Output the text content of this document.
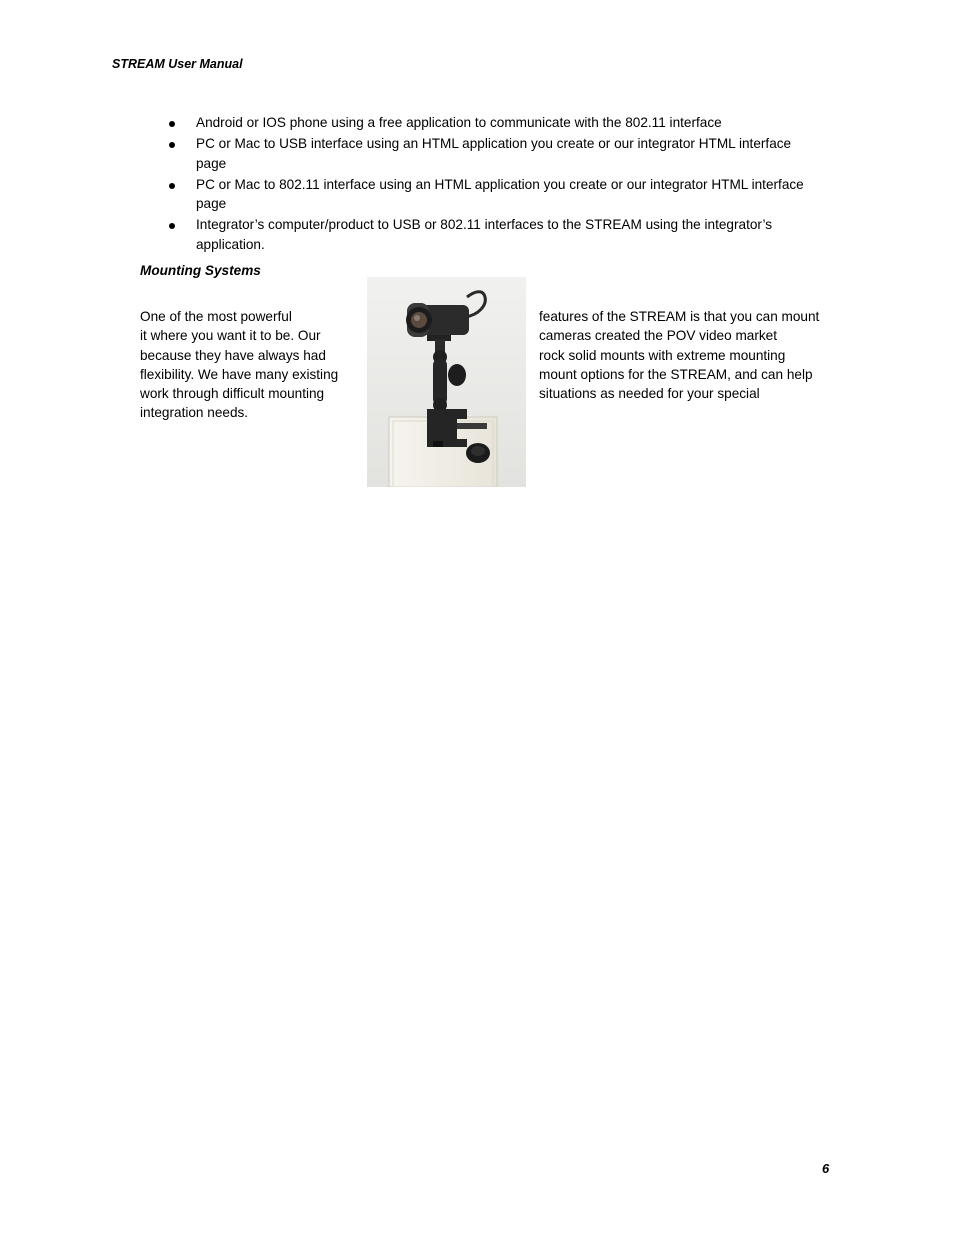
STREAM User Manual
Android or IOS phone using a free application to communicate with the 802.11 interface
PC or Mac to USB interface using an HTML application you create or our integrator HTML interface
page
PC or Mac to 802.11 interface using an HTML application you create or our integrator HTML interface
page
Integrator’s computer/product to USB or 802.11 interfaces to the STREAM using the integrator’s
application.
Mounting Systems
One of the most powerful
it where you want it to be. Our
because they have always had
flexibility. We have many existing
work through difficult mounting
integration needs.
features of the STREAM is that you can mount
cameras created the POV video market
rock solid mounts with extreme mounting
mount options for the STREAM, and can help
situations as needed for your special
6
